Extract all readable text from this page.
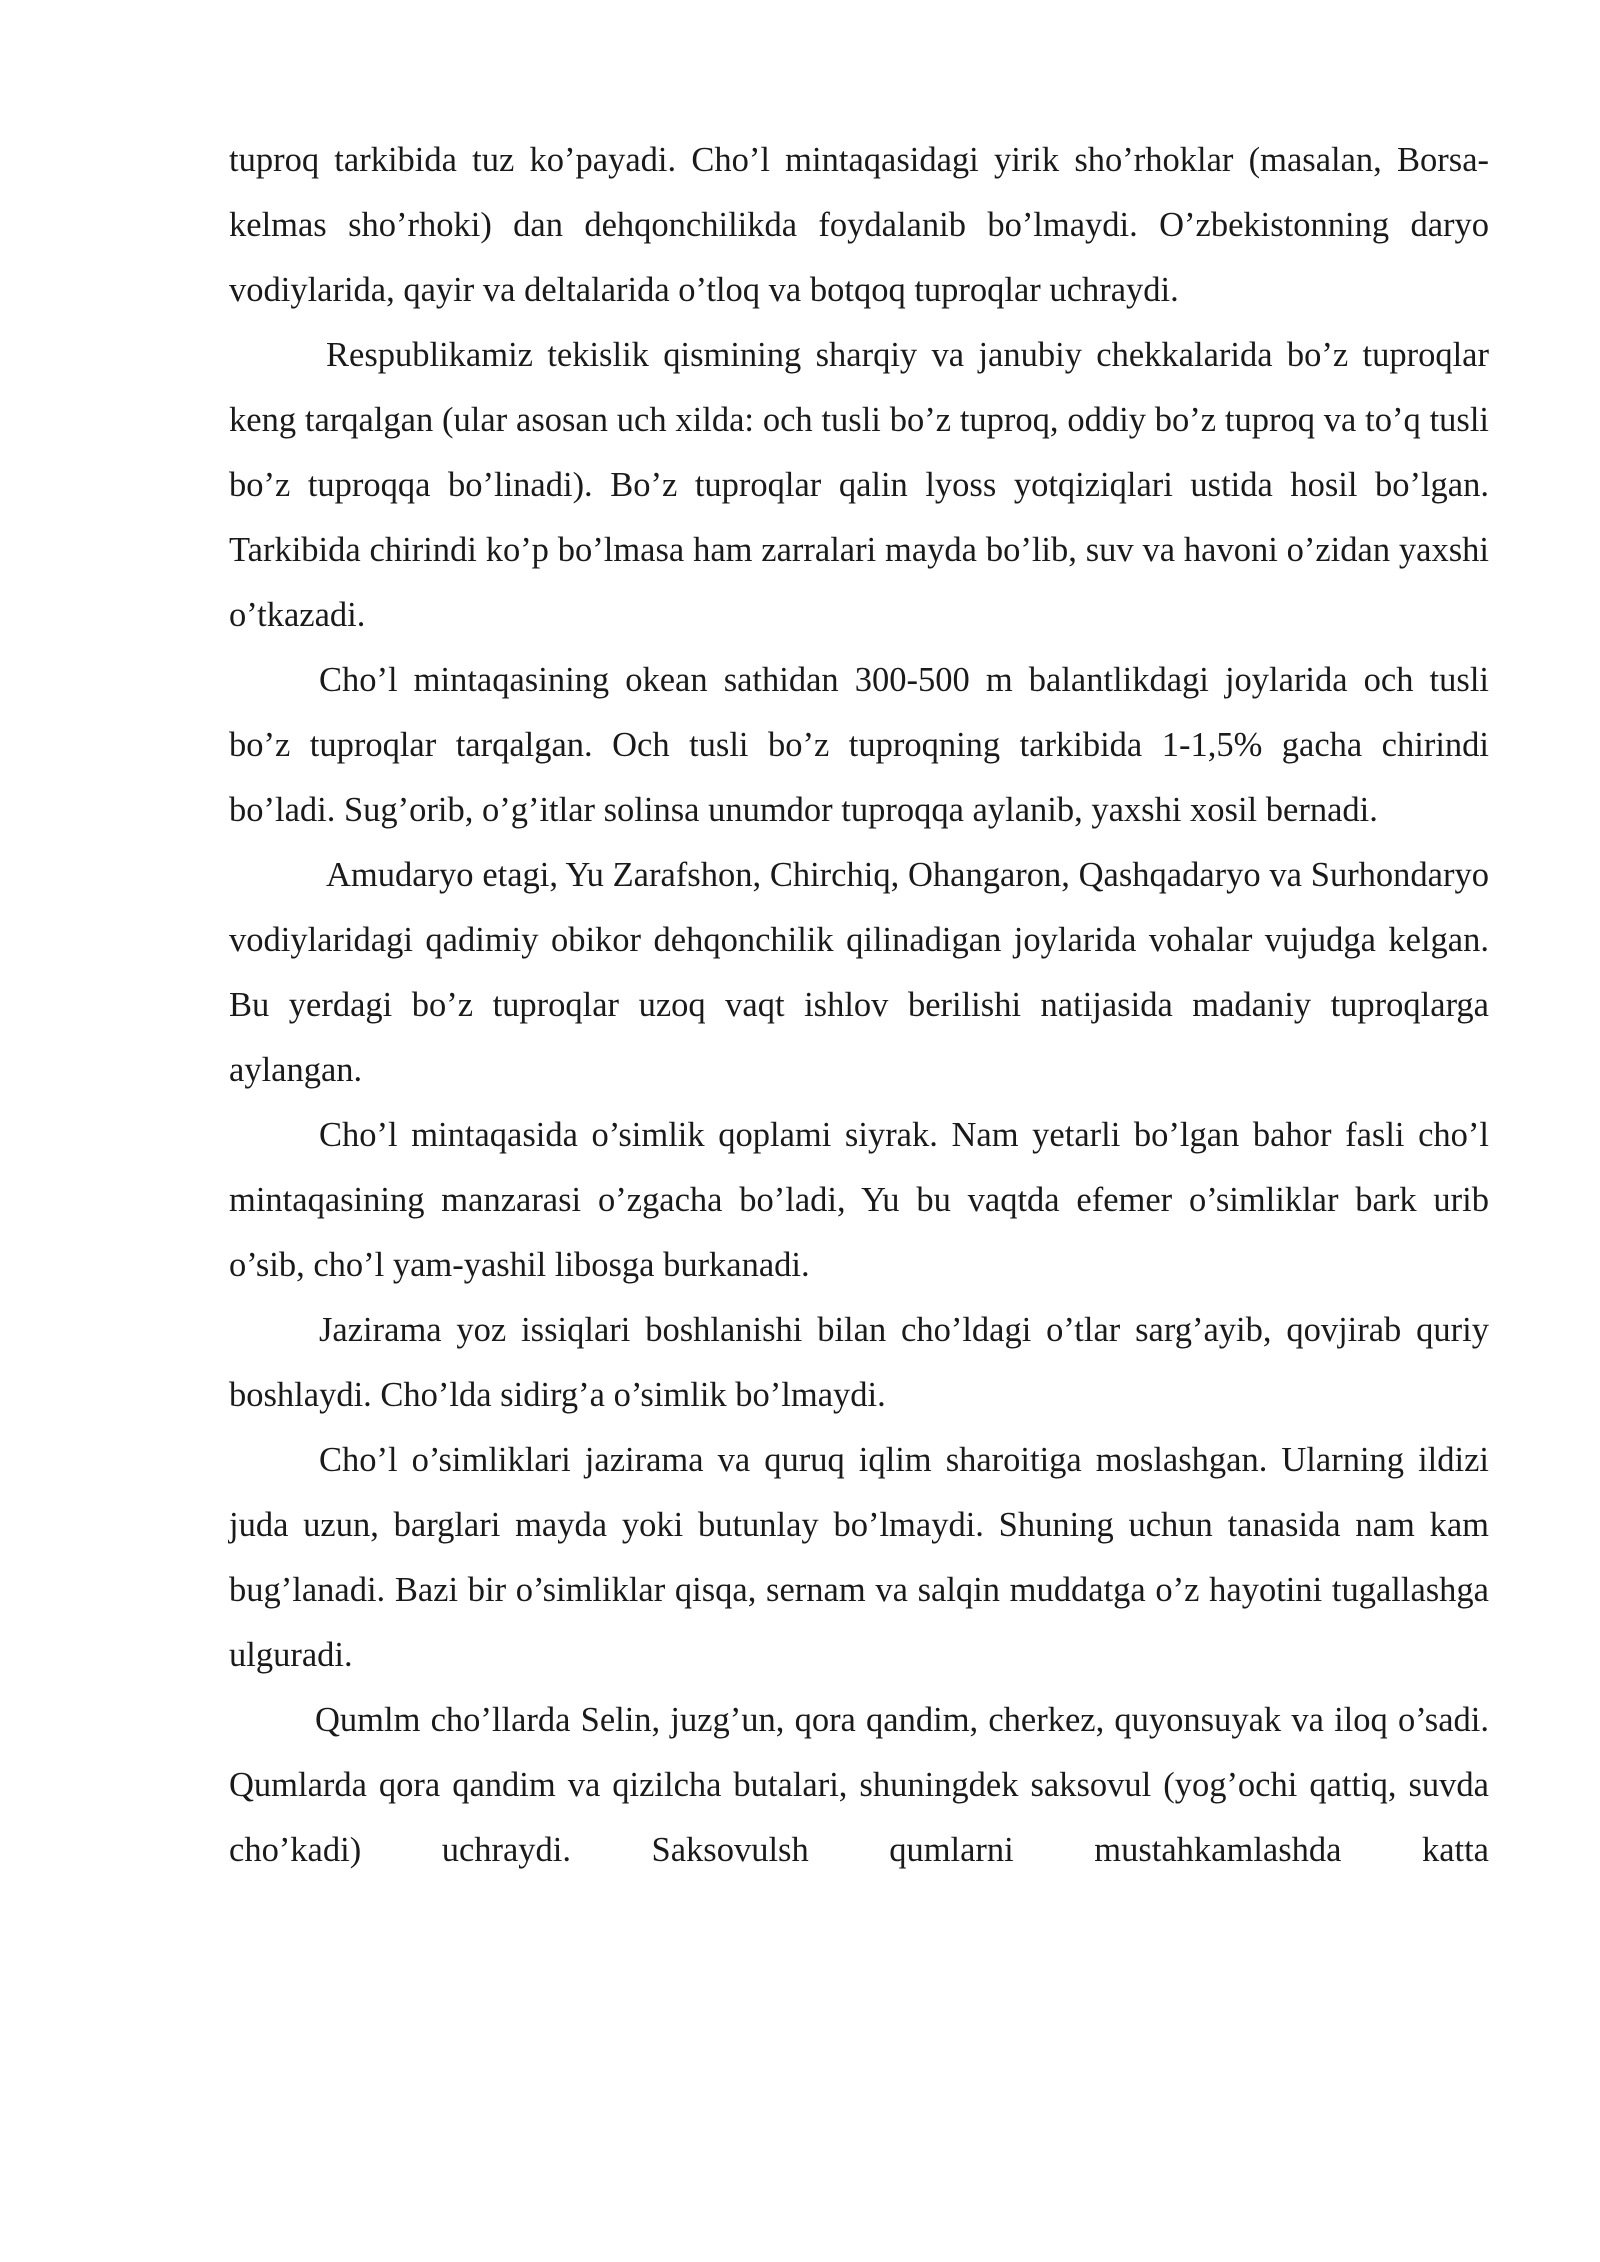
tuproq tarkibida tuz ko’payadi. Cho’l mintaqasidagi yirik sho’rhoklar (masalan, Borsa-kelmas sho’rhoki) dan dehqonchilikda foydalanib bo’lmaydi. O’zbekistonning daryo vodiylarida, qayir va deltalarida o’tloq va botqoq tuproqlar uchraydi.

Respublikamiz tekislik qismining sharqiy va janubiy chekkalarida bo’z tuproqlar keng tarqalgan (ular asosan uch xilda: och tusli bo’z tuproq, oddiy bo’z tuproq va to’q tusli bo’z tuproqqa bo’linadi). Bo’z tuproqlar qalin lyoss yotqiziqlari ustida hosil bo’lgan. Tarkibida chirindi ko’p bo’lmasa ham zarralari mayda bo’lib, suv va havoni o’zidan yaxshi o’tkazadi.

Cho’l mintaqasining okean sathidan 300-500 m balantlikdagi joylarida och tusli bo’z tuproqlar tarqalgan. Och tusli bo’z tuproqning tarkibida 1-1,5% gacha chirindi bo’ladi. Sug’orib, o’g’itlar solinsa unumdor tuproqqa aylanib, yaxshi xosil bernadi.

Amudaryo etagi, Yu Zarafshon, Chirchiq, Ohangaron, Qashqadaryo va Surhondaryo vodiylaridagi qadimiy obikor dehqonchilik qilinadigan joylarida vohalar vujudga kelgan. Bu yerdagi bo’z tuproqlar uzoq vaqt ishlov berilishi natijasida madaniy tuproqlarga aylangan.

Cho’l mintaqasida o’simlik qoplami siyrak. Nam yetarli bo’lgan bahor fasli cho’l mintaqasining manzarasi o’zgacha bo’ladi, Yu bu vaqtda efemer o’simliklar bark urib o’sib, cho’l yam-yashil libosga burkanadi.

Jazirama yoz issiqlari boshlanishi bilan cho’ldagi o’tlar sarg’ayib, qovjirab quriy boshlaydi. Cho’lda sidirg’a o’simlik bo’lmaydi.

Cho’l o’simliklari jazirama va quruq iqlim sharoitiga moslashgan. Ularning ildizi juda uzun, barglari mayda yoki butunlay bo’lmaydi. Shuning uchun tanasida nam kam bug’lanadi. Bazi bir o’simliklar qisqa, sernam va salqin muddatga o’z hayotini tugallashga ulguradi.

Qumlm cho’llarda Selin, juzg’un, qora qandim, cherkez, quyonsuyak va iloq o’sadi. Qumlarda qora qandim va qizilcha butalari, shuningdek saksovul (yog’ochi qattiq, suvda cho’kadi) uchraydi. Saksovulsh qumlarni mustahkamlashda katta
